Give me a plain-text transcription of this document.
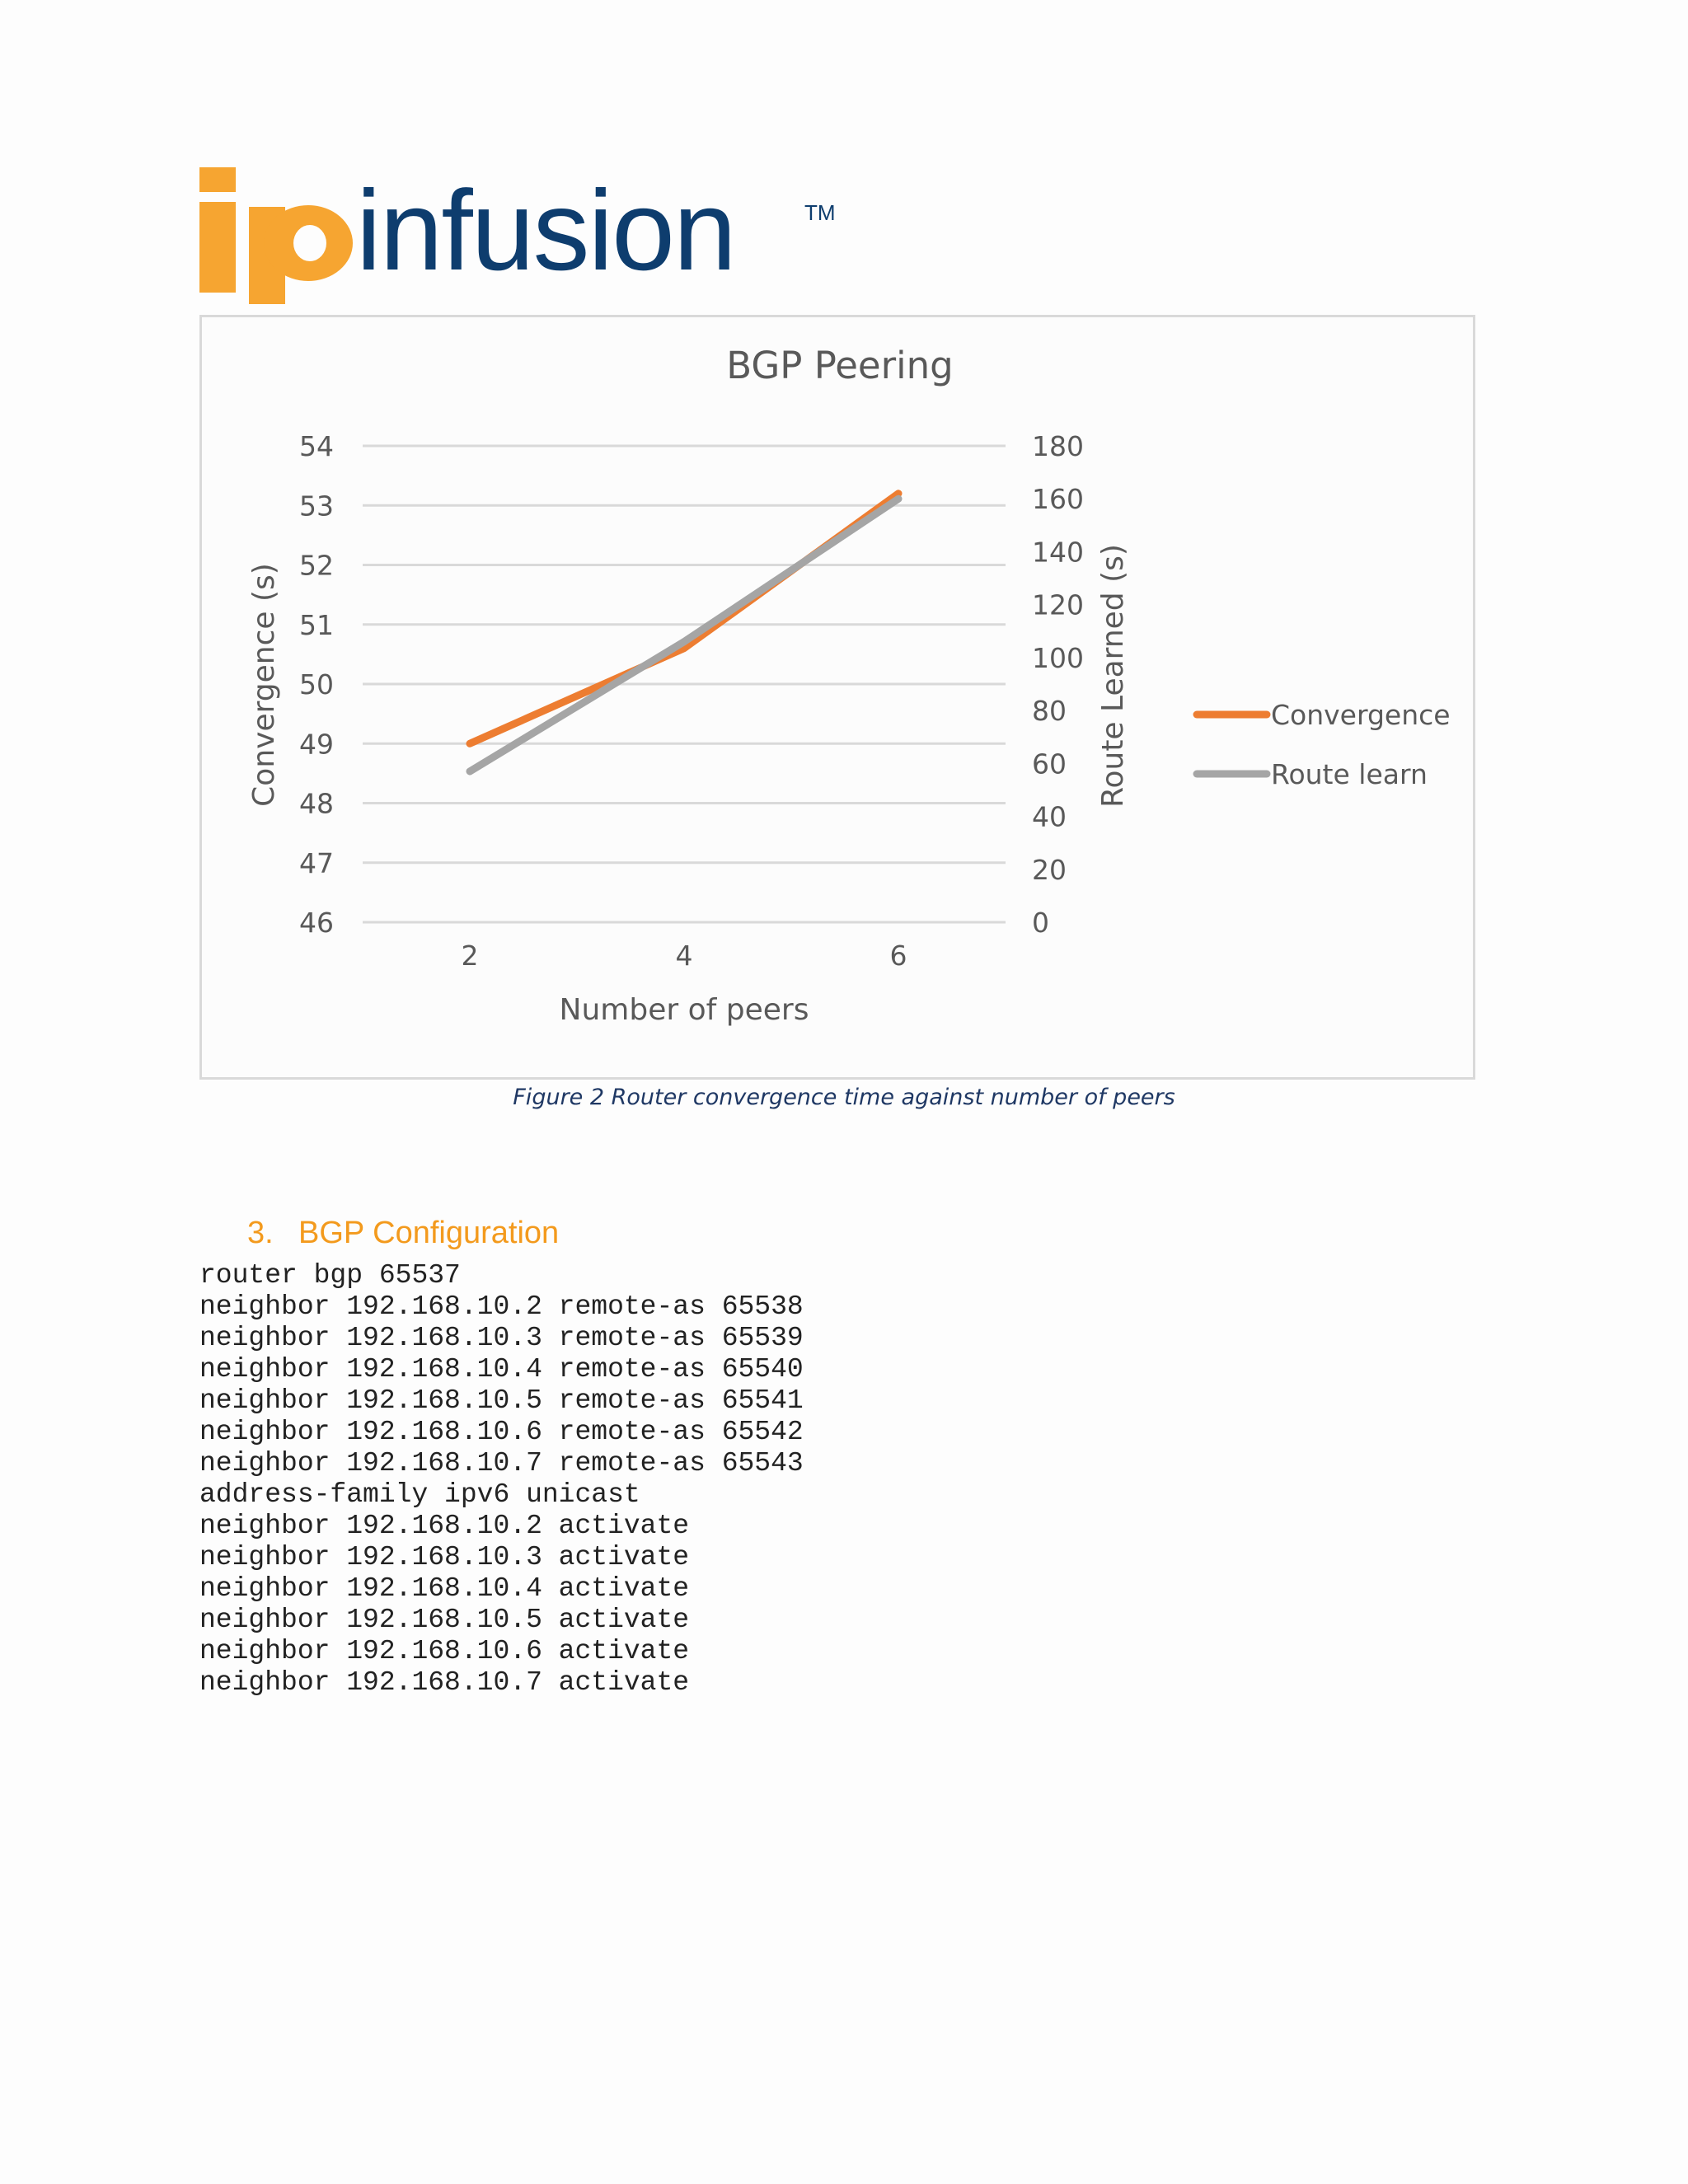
infusion	TM
BGP Peering
46
47
48
49
50
51
52
53
54
0
20
40
60
80
100
120
140
160
180
2	4	6
Number of peers
Convergence (s)	Route Learned (s)	Convergence
Route learn
Figure 2 Router convergence time against number of peers
3. BGP Configuration
router bgp 65537
neighbor 192.168.10.2 remote-as 65538
neighbor 192.168.10.3 remote-as 65539
neighbor 192.168.10.4 remote-as 65540
neighbor 192.168.10.5 remote-as 65541
neighbor 192.168.10.6 remote-as 65542
neighbor 192.168.10.7 remote-as 65543
address-family ipv6 unicast
neighbor 192.168.10.2 activate
neighbor 192.168.10.3 activate
neighbor 192.168.10.4 activate
neighbor 192.168.10.5 activate
neighbor 192.168.10.6 activate
neighbor 192.168.10.7 activate
